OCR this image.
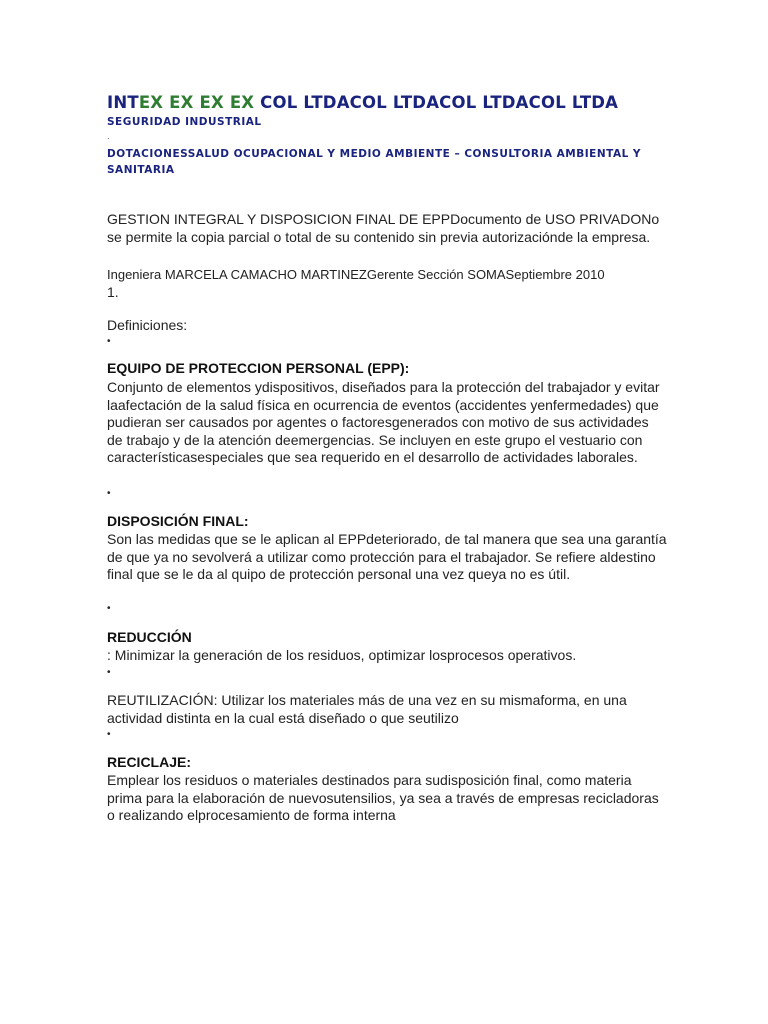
INTEX EX EX EX COL LTDACOL LTDACOL LTDACOL LTDA

SEGURIDAD INDUSTRIAL

.

DOTACIONESSALUD OCUPACIONAL Y MEDIO AMBIENTE – CONSULTORIA AMBIENTAL Y SANITARIA

GESTION INTEGRAL Y DISPOSICION FINAL DE EPPDocumento de USO PRIVADONo se permite la copia parcial o total de su contenido sin previa autorizaciónde la empresa.

Ingeniera MARCELA CAMACHO MARTINEZGerente Sección SOMASeptiembre 2010

1.

Definiciones:

•
EQUIPO DE PROTECCION PERSONAL (EPP):

Conjunto de elementos ydispositivos, diseñados para la protección del trabajador y evitar laafectación de la salud física en ocurrencia de eventos (accidentes yenfermedades) que pudieran ser causados por agentes o factoresgenerados con motivo de sus actividades de trabajo y de la atención deemergencias. Se incluyen en este grupo el vestuario con característicasespeciales que sea requerido en el desarrollo de actividades laborales.

•
DISPOSICIÓN FINAL:

Son las medidas que se le aplican al EPPdeteriorado, de tal manera que sea una garantía de que ya no sevolverá a utilizar como protección para el trabajador. Se refiere aldestino final que se le da al quipo de protección personal una vez queya no es útil.

•
REDUCCIÓN

: Minimizar la generación de los residuos, optimizar losprocesos operativos.

•

REUTILIZACIÓN: Utilizar los materiales más de una vez en su mismaforma, en una actividad distinta en la cual está diseñado o que seutilizo

•
RECICLAJE:

Emplear los residuos o materiales destinados para sudisposición final, como materia prima para la elaboración de nuevosutensilios, ya sea a través de empresas recicladoras o realizando elprocesamiento de forma interna
